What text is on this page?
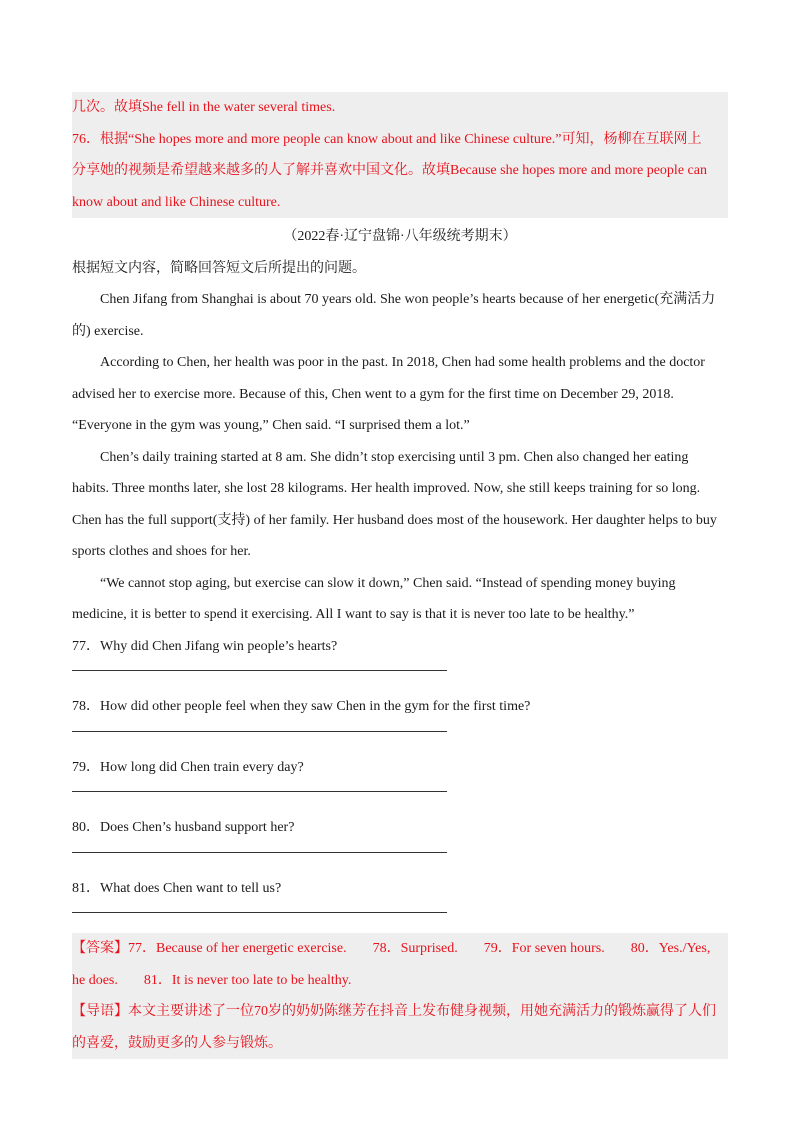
几次。故填She fell in the water several times.
76．根据“She hopes more and more people can know about and like Chinese culture.”可知，杨柳在互联网上
分享她的视频是希望越来越多的人了解并喜欢中国文化。故填Because she hopes more and more people can
know about and like Chinese culture.
（2022春·辽宁盘锦·八年级统考期末）
根据短文内容，简略回答短文后所提出的问题。
Chen Jifang from Shanghai is about 70 years old. She won people’s hearts because of her energetic(充满活力的) exercise.
According to Chen, her health was poor in the past. In 2018, Chen had some health problems and the doctor advised her to exercise more. Because of this, Chen went to a gym for the first time on December 29, 2018. “Everyone in the gym was young,” Chen said. “I surprised them a lot.”
Chen’s daily training started at 8 am. She didn’t stop exercising until 3 pm. Chen also changed her eating habits. Three months later, she lost 28 kilograms. Her health improved. Now, she still keeps training for so long. Chen has the full support(支持) of her family. Her husband does most of the housework. Her daughter helps to buy sports clothes and shoes for her.
“We cannot stop aging, but exercise can slow it down,” Chen said. “Instead of spending money buying medicine, it is better to spend it exercising. All I want to say is that it is never too late to be healthy.”
77．Why did Chen Jifang win people’s hearts?
78．How did other people feel when they saw Chen in the gym for the first time?
79．How long did Chen train every day?
80．Does Chen’s husband support her?
81．What does Chen want to tell us?
【答案】77．Because of her energetic exercise. 78．Surprised. 79．For seven hours. 80．Yes./Yes,
he does. 81．It is never too late to be healthy.
【导语】本文主要讲述了一位70岁的奶奶陈继芳在抖音上发布健身视频，用她充满活力的锻炼赢得了人们的喜爱，鼓励更多的人参与锻炼。
